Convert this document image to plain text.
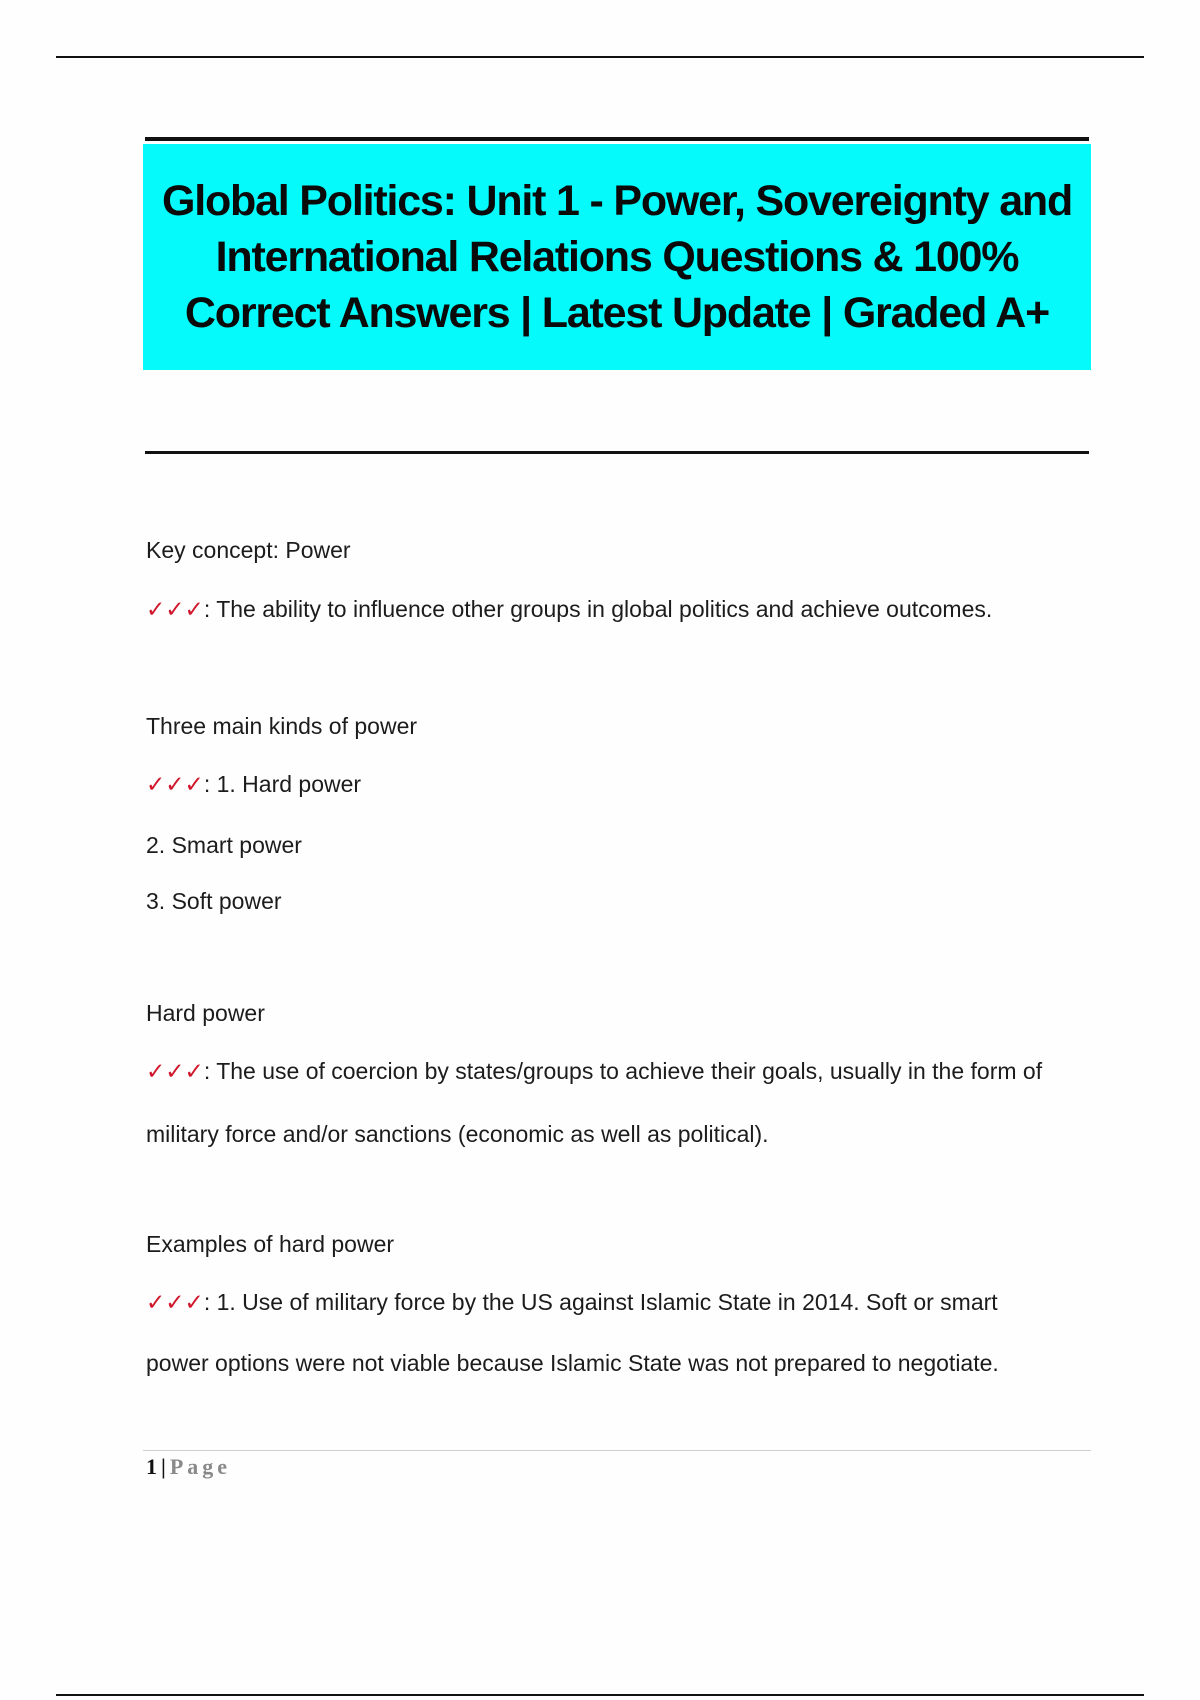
Global Politics: Unit 1 - Power, Sovereignty and International Relations Questions & 100% Correct Answers | Latest Update | Graded A+
Key concept: Power
✓✓✓: The ability to influence other groups in global politics and achieve outcomes.
Three main kinds of power
✓✓✓: 1. Hard power
2. Smart power
3. Soft power
Hard power
✓✓✓: The use of coercion by states/groups to achieve their goals, usually in the form of
military force and/or sanctions (economic as well as political).
Examples of hard power
✓✓✓: 1. Use of military force by the US against Islamic State in 2014. Soft or smart
power options were not viable because Islamic State was not prepared to negotiate.
1 | Page
